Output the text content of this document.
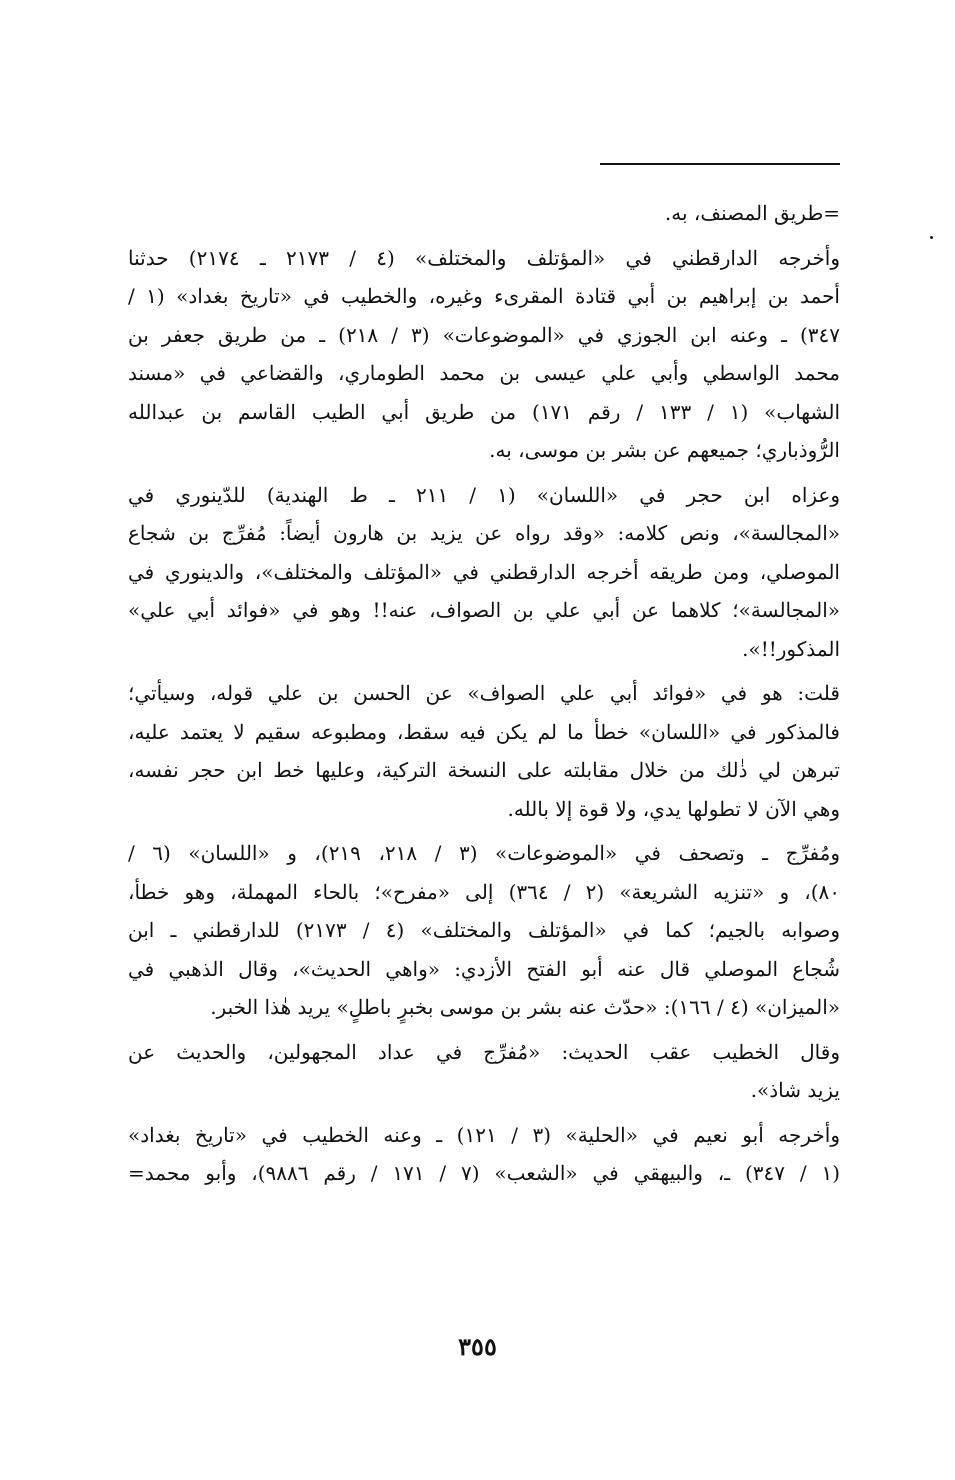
=طريق المصنف، به.
وأخرجه الدارقطني في «المؤتلف والمختلف» (٤ / ٢١٧٣ ـ ٢١٧٤) حدثنا
أحمد بن إبراهيم بن أبي قتادة المقرىء وغيره، والخطيب في «تاريخ بغداد» (١ /
٣٤٧) ـ وعنه ابن الجوزي في «الموضوعات» (٣ / ٢١٨) ـ من طريق جعفر بن
محمد الواسطي وأبي علي عيسى بن محمد الطوماري، والقضاعي في «مسند
الشهاب» (١ / ١٣٣ / رقم ١٧١) من طريق أبي الطيب القاسم بن عبدالله
الرُّوذباري؛ جميعهم عن بشر بن موسى، به.
وعزاه ابن حجر في «اللسان» (١ / ٢١١ ـ ط الهندية) للدّينوري في
«المجالسة»، ونص كلامه: «وقد رواه عن يزيد بن هارون أيضاً: مُفرِّج بن شجاع
الموصلي، ومن طريقه أخرجه الدارقطني في «المؤتلف والمختلف»، والدينوري في
«المجالسة»؛ كلاهما عن أبي علي بن الصواف، عنه!! وهو في «فوائد أبي علي»
المذكور!!».
قلت: هو في «فوائد أبي علي الصواف» عن الحسن بن علي قوله، وسيأتي؛
فالمذكور في «اللسان» خطأ ما لم يكن فيه سقط، ومطبوعه سقيم لا يعتمد عليه،
تبرهن لي ذٰلك من خلال مقابلته على النسخة التركية، وعليها خط ابن حجر نفسه،
وهي الآن لا تطولها يدي، ولا قوة إلا بالله.
ومُفرِّج ـ وتصحف في «الموضوعات» (٣ / ٢١٨، ٢١٩)، و «اللسان» (٦ /
٨٠)، و «تنزيه الشريعة» (٢ / ٣٦٤) إلى «مفرح»؛ بالحاء المهملة، وهو خطأ،
وصوابه بالجيم؛ كما في «المؤتلف والمختلف» (٤ / ٢١٧٣) للدارقطني ـ ابن
شُجاع الموصلي قال عنه أبو الفتح الأزدي: «واهي الحديث»، وقال الذهبي في
«الميزان» (٤ / ١٦٦): «حدّث عنه بشر بن موسى بخبرٍ باطلٍ» يريد هٰذا الخبر.
وقال الخطيب عقب الحديث: «مُفرِّج في عداد المجهولين، والحديث عن
يزيد شاذ».
وأخرجه أبو نعيم في «الحلية» (٣ / ١٢١) ـ وعنه الخطيب في «تاريخ بغداد»
(١ / ٣٤٧) ـ، والبيهقي في «الشعب» (٧ / ١٧١ / رقم ٩٨٨٦)، وأبو محمد=
٣٥٥
